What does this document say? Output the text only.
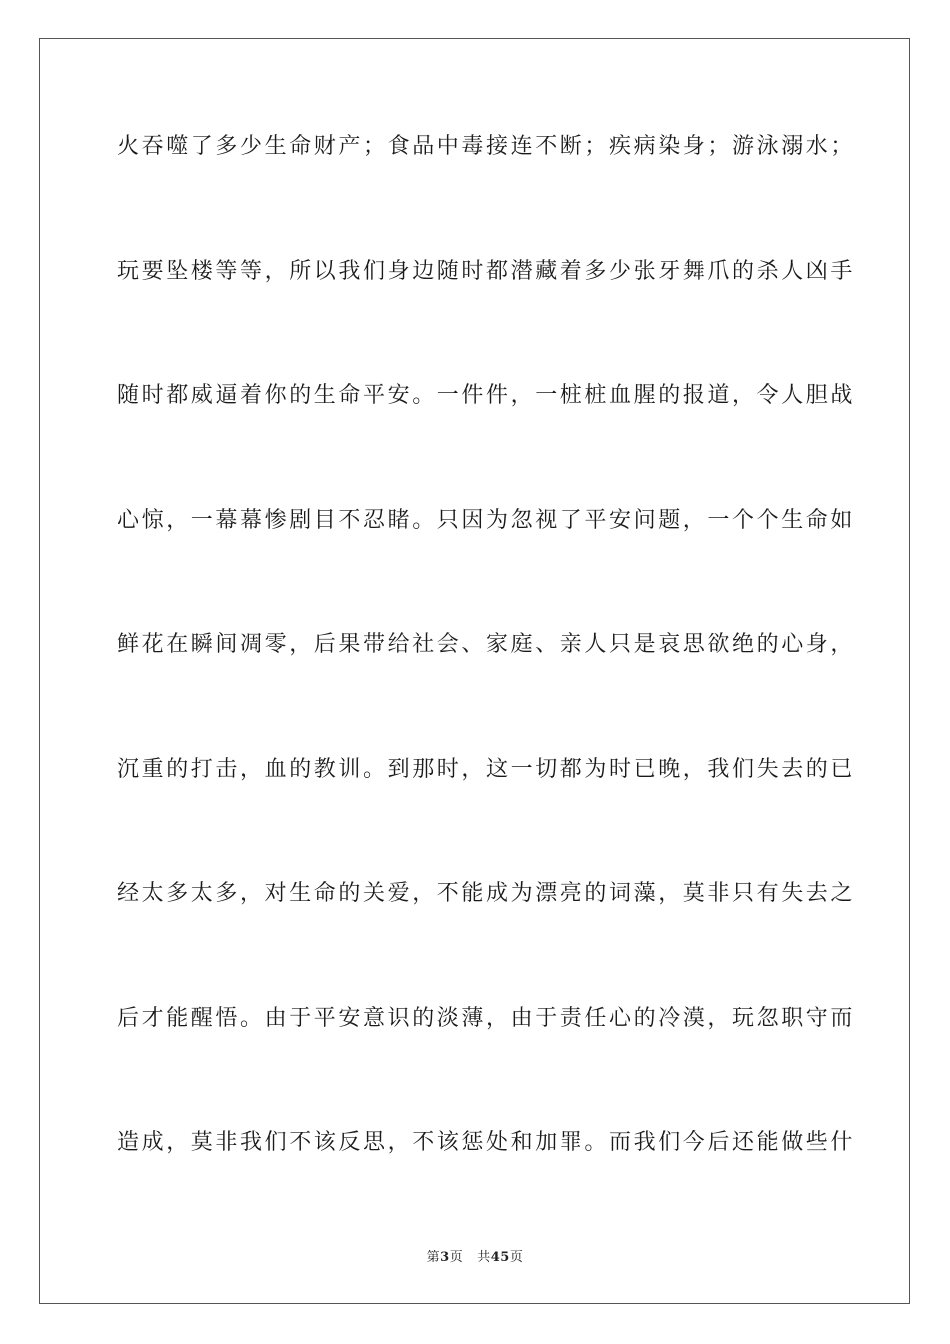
火吞噬了多少生命财产；食品中毒接连不断；疾病染身；游泳溺水；
玩要坠楼等等，所以我们身边随时都潜藏着多少张牙舞爪的杀人凶手
随时都威逼着你的生命平安。一件件，一桩桩血腥的报道，令人胆战
心惊，一幕幕惨剧目不忍睹。只因为忽视了平安问题，一个个生命如
鲜花在瞬间凋零，后果带给社会、家庭、亲人只是哀思欲绝的心身，
沉重的打击，血的教训。到那时，这一切都为时已晚，我们失去的已
经太多太多，对生命的关爱，不能成为漂亮的词藻，莫非只有失去之
后才能醒悟。由于平安意识的淡薄，由于责任心的冷漠，玩忽职守而
造成，莫非我们不该反思，不该惩处和加罪。而我们今后还能做些什
第3页 共45页
